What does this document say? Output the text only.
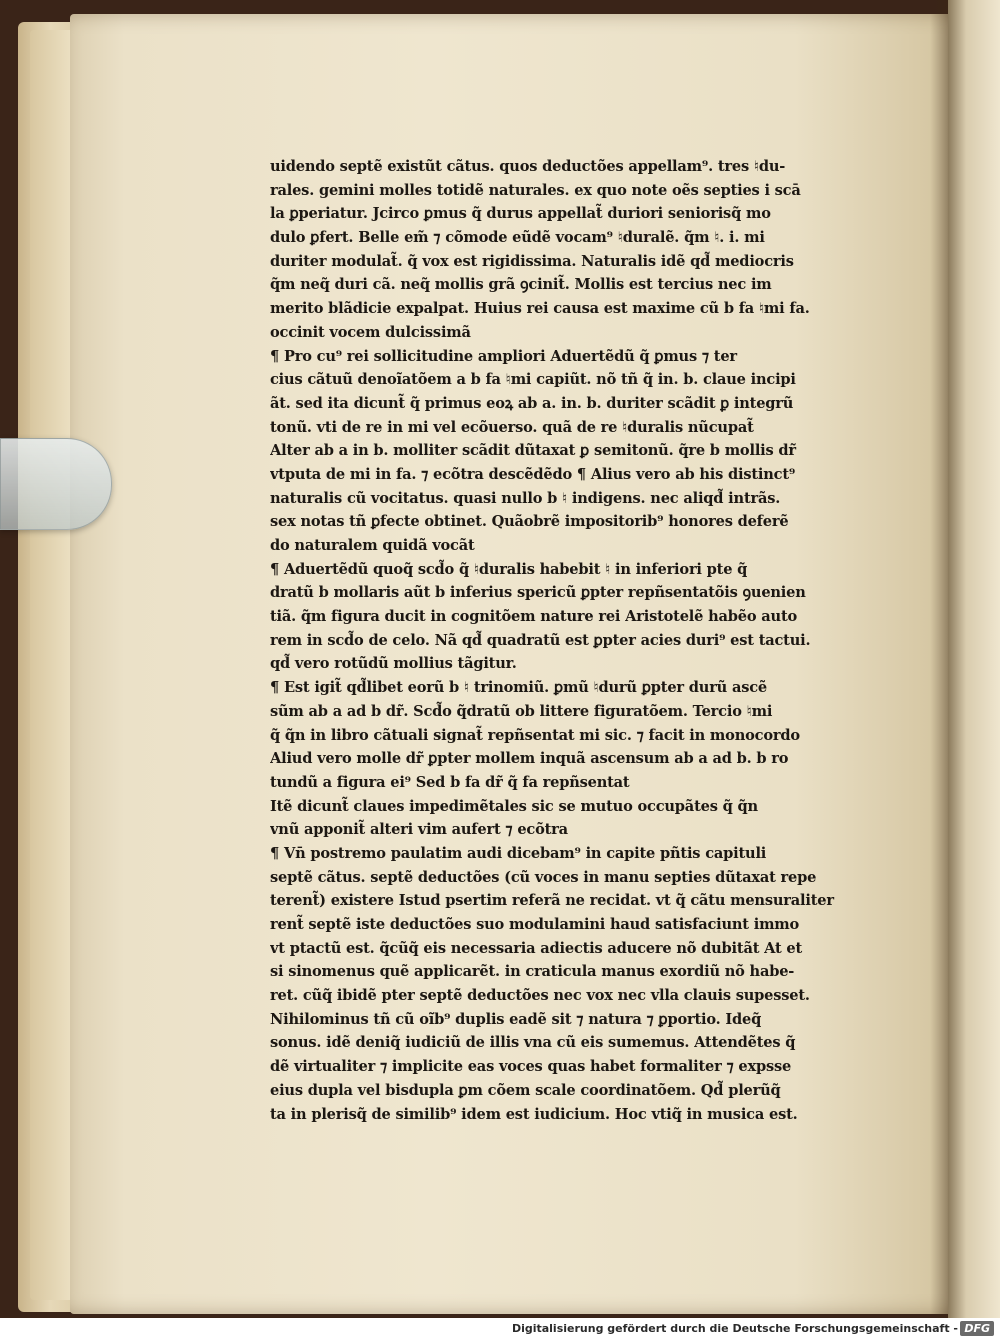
uidendo septẽ existũt cãtus. quos deductões appellam⁹. tres ♮du-
rales. gemini molles totidẽ naturales. ex quo note oẽs septies i scā
la ꝑperiatur. Jcirco ꝑmus q̃ durus appellat̃ duriori seniorisq̃ mo
dulo ꝑfert. Belle em̃ ⁊ cõmode eũdẽ vocam⁹ ♮duralẽ. q̃m ♮. i. mi
duriter modulat̃. q̃ vox est rigidissima. Naturalis idẽ qd̃ mediocris
q̃m neq̃ duri cã. neq̃ mollis grã ꝯcinit̃. Mollis est tercius nec im
merito blãdicie expalpat. Huius rei causa est maxime cũ b fa ♮mi fa.
occinit vocem dulcissimã
¶ Pro cu⁹ rei sollicitudine ampliori Aduertẽdũ q̃ ꝑmus ⁊ ter
cius cãtuũ denoĩatõem a b fa ♮mi capiũt. nõ tñ q̃ in. b. claue incipi
ãt. sed ita dicunt̃ q̃ primus eoꝝ ab a. in. b. duriter scãdit ꝑ integrũ
tonũ. vti de re in mi vel ecõuerso. quã de re ♮duralis nũcupat̃
Alter ab a in b. molliter scãdit dũtaxat ꝑ semitonũ. q̃re b mollis dr̃
vtputa de mi in fa. ⁊ ecõtra descẽdẽdo ¶ Alius vero ab his distinct⁹
naturalis cũ vocitatus. quasi nullo b ♮ indigens. nec aliqd̃ intrãs.
sex notas tñ ꝑfecte obtinet. Quãobrẽ impositorib⁹ honores deferẽ
do naturalem quidã vocãt
¶ Aduertẽdũ quoq̃ scd̃o q̃ ♮duralis habebit ♮ in inferiori pte q̃
dratũ b mollaris aũt b inferius spericũ ꝑpter repñsentatõis ꝯuenien
tiã. q̃m figura ducit in cognitõem nature rei Aristotelẽ habẽo auto
rem in scd̃o de celo. Nã qd̃ quadratũ est ꝑpter acies duri⁹ est tactui.
qd̃ vero rotũdũ mollius tãgitur.
¶ Est igit̃ qd̃libet eorũ b ♮ trinomiũ. ꝑmũ ♮durũ ꝑpter durũ ascẽ
sũm ab a ad b dr̃. Scd̃o q̃dratũ ob littere figuratõem. Tercio ♮mi
q̃ q̃n in libro cãtuali signat̃ repñsentat mi sic. ⁊ facit in monocordo
Aliud vero molle dr̃ ꝑpter mollem inquã ascensum ab a ad b. b ro
tundũ a figura ei⁹ Sed b fa dr̃ q̃ fa repñsentat
Itẽ dicunt̃ claues impedimẽtales sic se mutuo occupãtes q̃ q̃n
vnũ apponit̃ alteri vim aufert ⁊ ecõtra
¶ Vn̄ postremo paulatim audi dicebam⁹ in capite pñtis capituli
septẽ cãtus. septẽ deductões (cũ voces in manu septies dũtaxat repe
terent̃) existere Istud psertim referã ne recidat. vt q̃ cãtu mensuraliter
rent̃ septẽ iste deductões suo modulamini haud satisfaciunt immo
vt ptactũ est. q̃cũq̃ eis necessaria adiectis aducere nõ dubitãt At et
si sinomenus quẽ applicarẽt. in craticula manus exordiũ nõ habe-
ret. cũq̃ ibidẽ pter septẽ deductões nec vox nec vlla clauis supesset.
Nihilominus tñ cũ oĩb⁹ duplis eadẽ sit ⁊ natura ⁊ ꝑportio. Ideq̃
sonus. idẽ deniq̃ iudiciũ de illis vna cũ eis sumemus. Attendẽtes q̃
dẽ virtualiter ⁊ implicite eas voces quas habet formaliter ⁊ expsse
eius dupla vel bisdupla ꝑm cõem scale coordinatõem. Qd̃ plerũq̃
ta in plerisq̃ de similib⁹ idem est iudicium. Hoc vtiq̃ in musica est.
Digitalisierung gefördert durch die Deutsche Forschungsgemeinschaft - DFG
